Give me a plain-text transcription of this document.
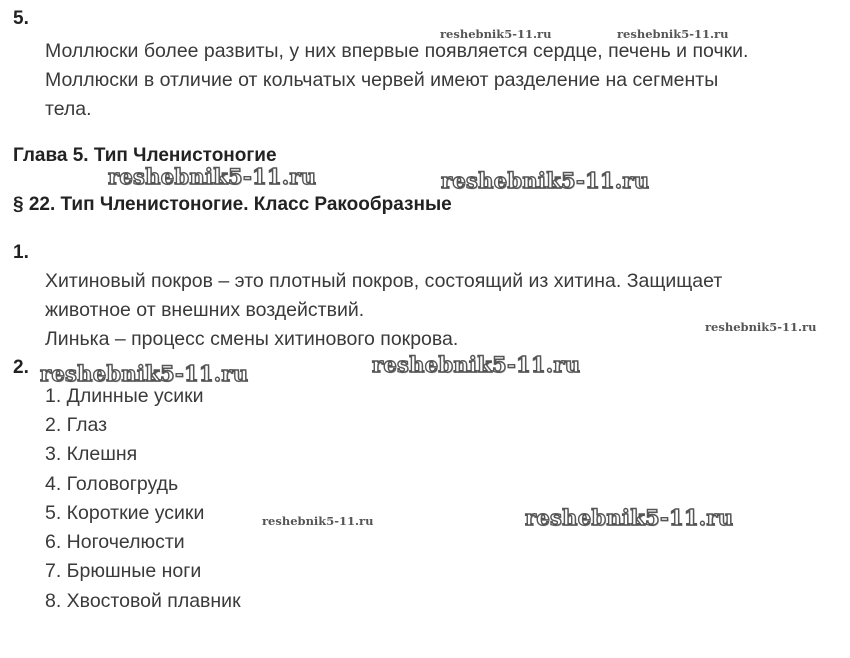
5.
Моллюски более развиты, у них впервые появляется сердце, печень и почки.
Моллюски в отличие от кольчатых червей имеют разделение на сегменты
тела.
Глава 5. Тип Членистоногие
§ 22. Тип Членистоногие. Класс Ракообразные
1.
Хитиновый покров – это плотный покров, состоящий из хитина. Защищает
животное от внешних воздействий.
Линька – процесс смены хитинового покрова.
2.
1. Длинные усики
2. Глаз
3. Клешня
4. Головогрудь
5. Короткие усики
6. Ногочелюсти
7. Брюшные ноги
8. Хвостовой плавник
reshebnik5-11.ru	reshebnik5-11.ru
reshebnik5-11.ru	reshebnik5-11.ru
reshebnik5-11.ru
reshebnik5-11.ru	reshebnik5-11.ru
reshebnik5-11.ru	reshebnik5-11.ru
